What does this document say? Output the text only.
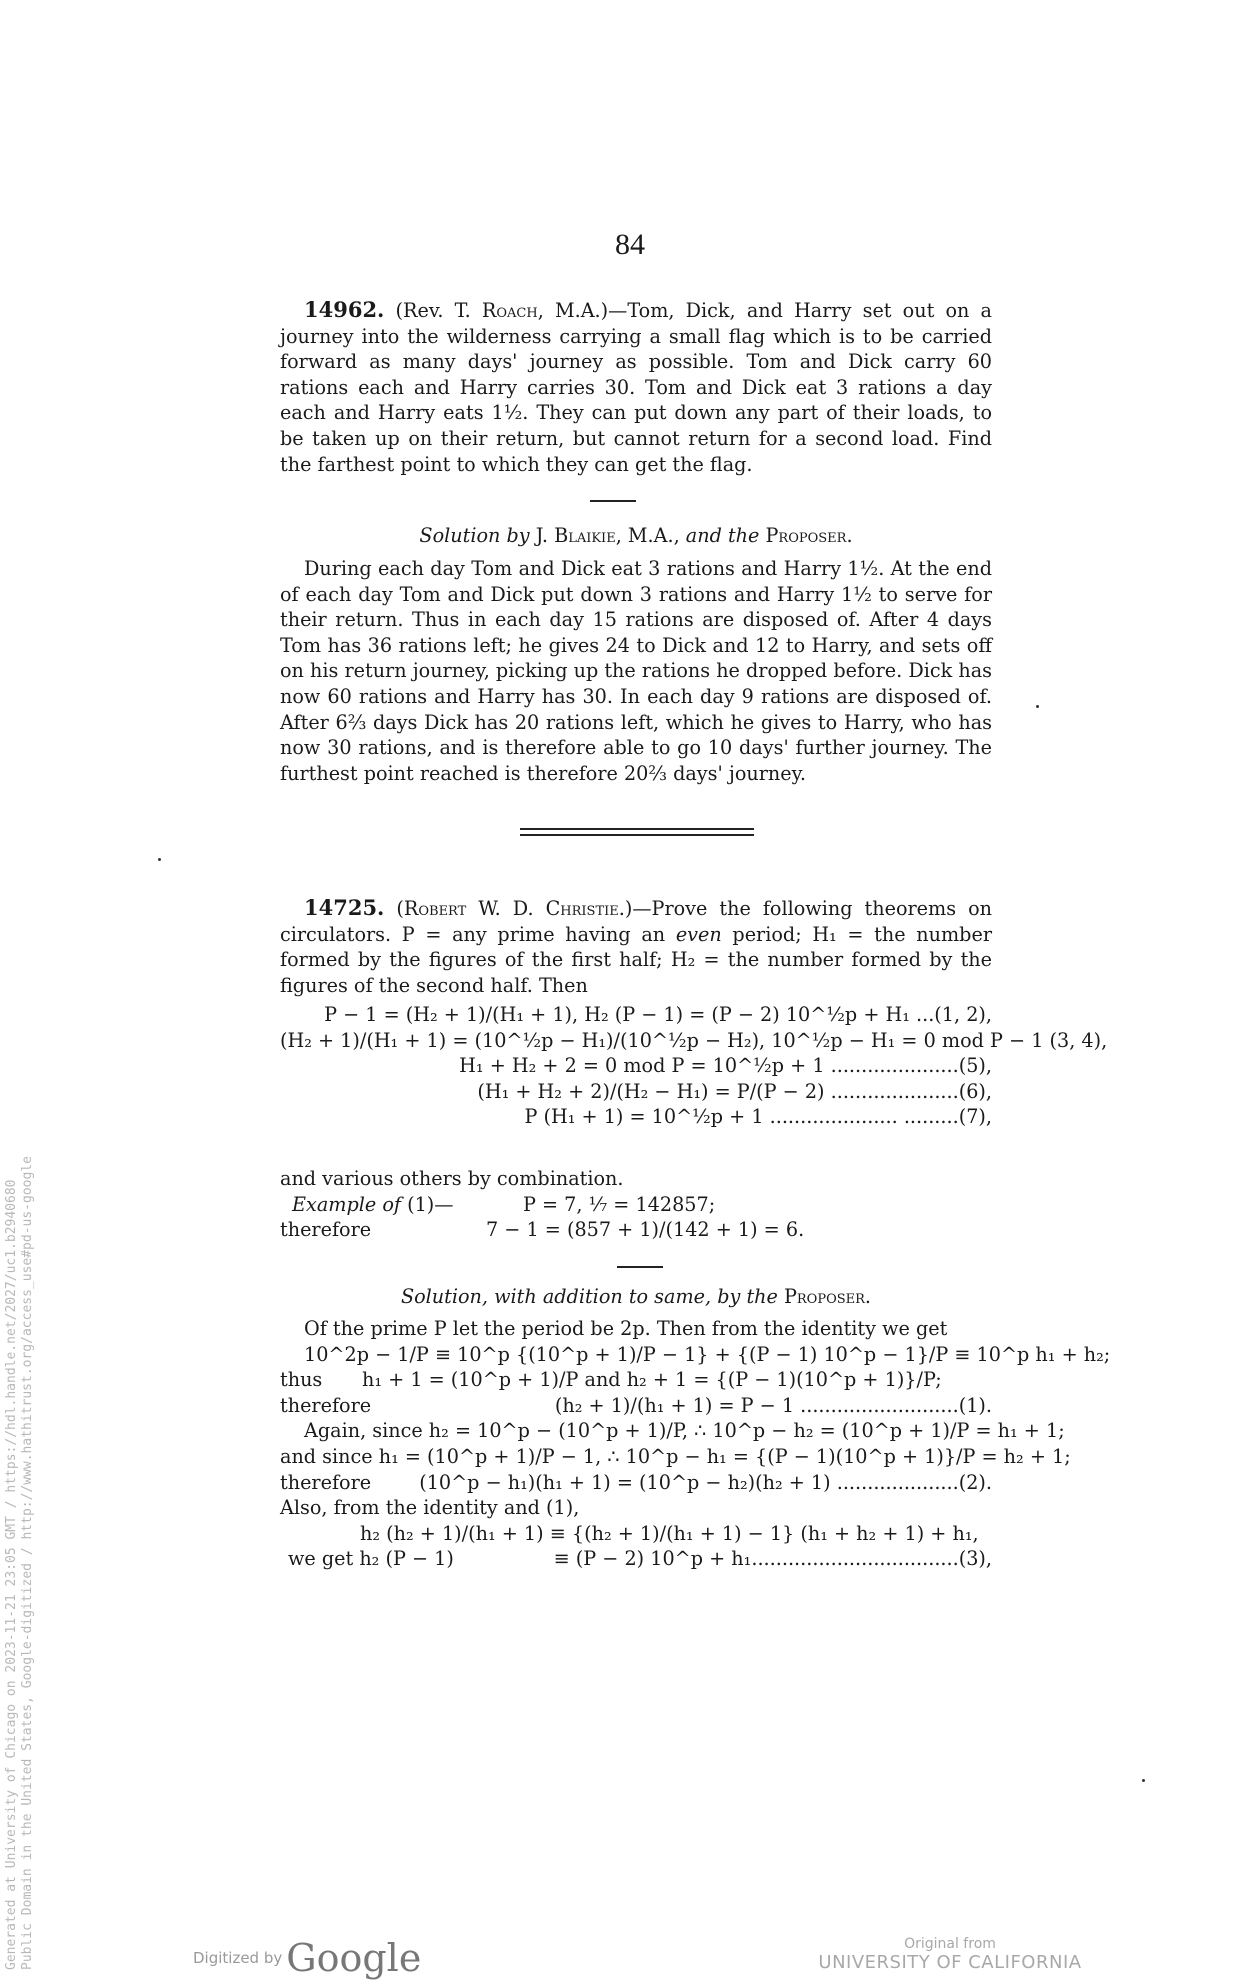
84

14962. (Rev. T. Roach, M.A.)—Tom, Dick, and Harry set out on a journey into the wilderness carrying a small flag which is to be carried forward as many days' journey as possible. Tom and Dick carry 60 rations each and Harry carries 30. Tom and Dick eat 3 rations a day each and Harry eats 1½. They can put down any part of their loads, to be taken up on their return, but cannot return for a second load. Find the farthest point to which they can get the flag.

Solution by J. Blaikie, M.A., and the Proposer.

During each day Tom and Dick eat 3 rations and Harry 1½. At the end of each day Tom and Dick put down 3 rations and Harry 1½ to serve for their return. Thus in each day 15 rations are disposed of. After 4 days Tom has 36 rations left; he gives 24 to Dick and 12 to Harry, and sets off on his return journey, picking up the rations he dropped before. Dick has now 60 rations and Harry has 30. In each day 9 rations are disposed of. After 6⅔ days Dick has 20 rations left, which he gives to Harry, who has now 30 rations, and is therefore able to go 10 days' further journey. The furthest point reached is therefore 20⅔ days' journey.

14725. (Robert W. D. Christie.)—Prove the following theorems on circulators. P = any prime having an even period; H₁ = the number formed by the figures of the first half; H₂ = the number formed by the figures of the second half. Then

P − 1 = (H₂ + 1)/(H₁ + 1), H₂ (P − 1) = (P − 2) 10^½p + H₁ ...(1, 2),
(H₂ + 1)/(H₁ + 1) = (10^½p − H₁)/(10^½p − H₂), 10^½p − H₁ = 0 mod P − 1 (3, 4),
H₁ + H₂ + 2 = 0 mod P = 10^½p + 1 .....................(5),
(H₁ + H₂ + 2)/(H₂ − H₁) = P/(P − 2) .....................(6),
P (H₁ + 1) = 10^½p + 1 ..................... .........(7),
and various others by combination.
Example of (1)—	P = 7, ⅐ = 142857;
therefore	7 − 1 = (857 + 1)/(142 + 1) = 6.
Solution, with addition to same, by the Proposer.

Of the prime P let the period be 2p. Then from the identity we get

10^2p − 1/P ≡ 10^p {(10^p + 1)/P − 1} + {(P − 1) 10^p − 1}/P ≡ 10^p h₁ + h₂;
thus h₁ + 1 = (10^p + 1)/P and h₂ + 1 = {(P − 1)(10^p + 1)}/P;
therefore	(h₂ + 1)/(h₁ + 1) = P − 1 ..........................(1).
Again, since h₂ = 10^p − (10^p + 1)/P, ∴ 10^p − h₂ = (10^p + 1)/P = h₁ + 1;
and since h₁ = (10^p + 1)/P − 1, ∴ 10^p − h₁ = {(P − 1)(10^p + 1)}/P = h₂ + 1;
therefore	(10^p − h₁)(h₁ + 1) = (10^p − h₂)(h₂ + 1) ....................(2).
Also, from the identity and (1),
h₂ (h₂ + 1)/(h₁ + 1) ≡ {(h₂ + 1)/(h₁ + 1) − 1} (h₁ + h₂ + 1) + h₁,
we get h₂ (P − 1)	≡ (P − 2) 10^p + h₁..................................(3),
Generated at University of Chicago on 2023-11-21 23:05 GMT / https://hdl.handle.net/2027/uc1.b2940680 Public Domain in the United States, Google-digitized / http://www.hathitrust.org/access_use#pd-us-google	Digitized by Google	Original from
UNIVERSITY OF CALIFORNIA
